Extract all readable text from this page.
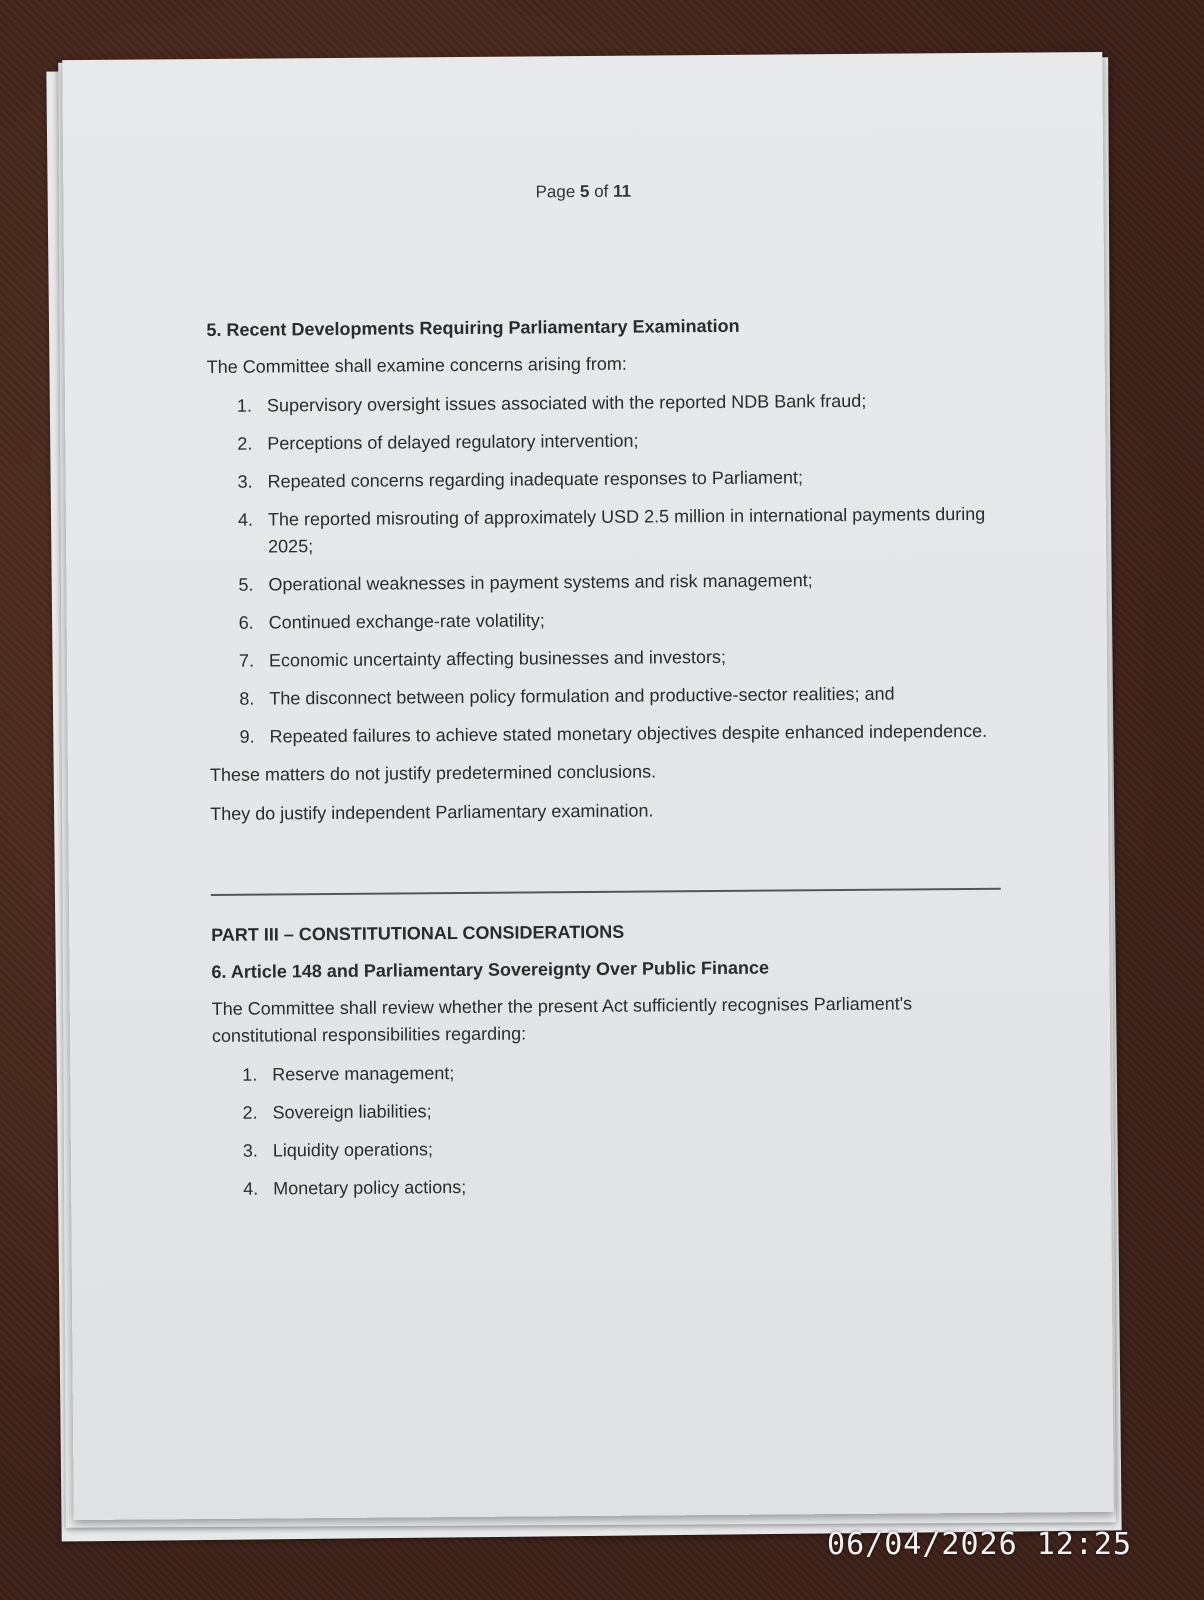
Page 5 of 11
5. Recent Developments Requiring Parliamentary Examination

The Committee shall examine concerns arising from:

1. Supervisory oversight issues associated with the reported NDB Bank fraud;
2. Perceptions of delayed regulatory intervention;
3. Repeated concerns regarding inadequate responses to Parliament;
4. The reported misrouting of approximately USD 2.5 million in international payments during 2025;
5. Operational weaknesses in payment systems and risk management;
6. Continued exchange-rate volatility;
7. Economic uncertainty affecting businesses and investors;
8. The disconnect between policy formulation and productive-sector realities; and
9. Repeated failures to achieve stated monetary objectives despite enhanced independence.

These matters do not justify predetermined conclusions.

They do justify independent Parliamentary examination.

PART III – CONSTITUTIONAL CONSIDERATIONS
6. Article 148 and Parliamentary Sovereignty Over Public Finance

The Committee shall review whether the present Act sufficiently recognises Parliament's constitutional responsibilities regarding:

1. Reserve management;
2. Sovereign liabilities;
3. Liquidity operations;
4. Monetary policy actions;
06/04/2026 12:25
